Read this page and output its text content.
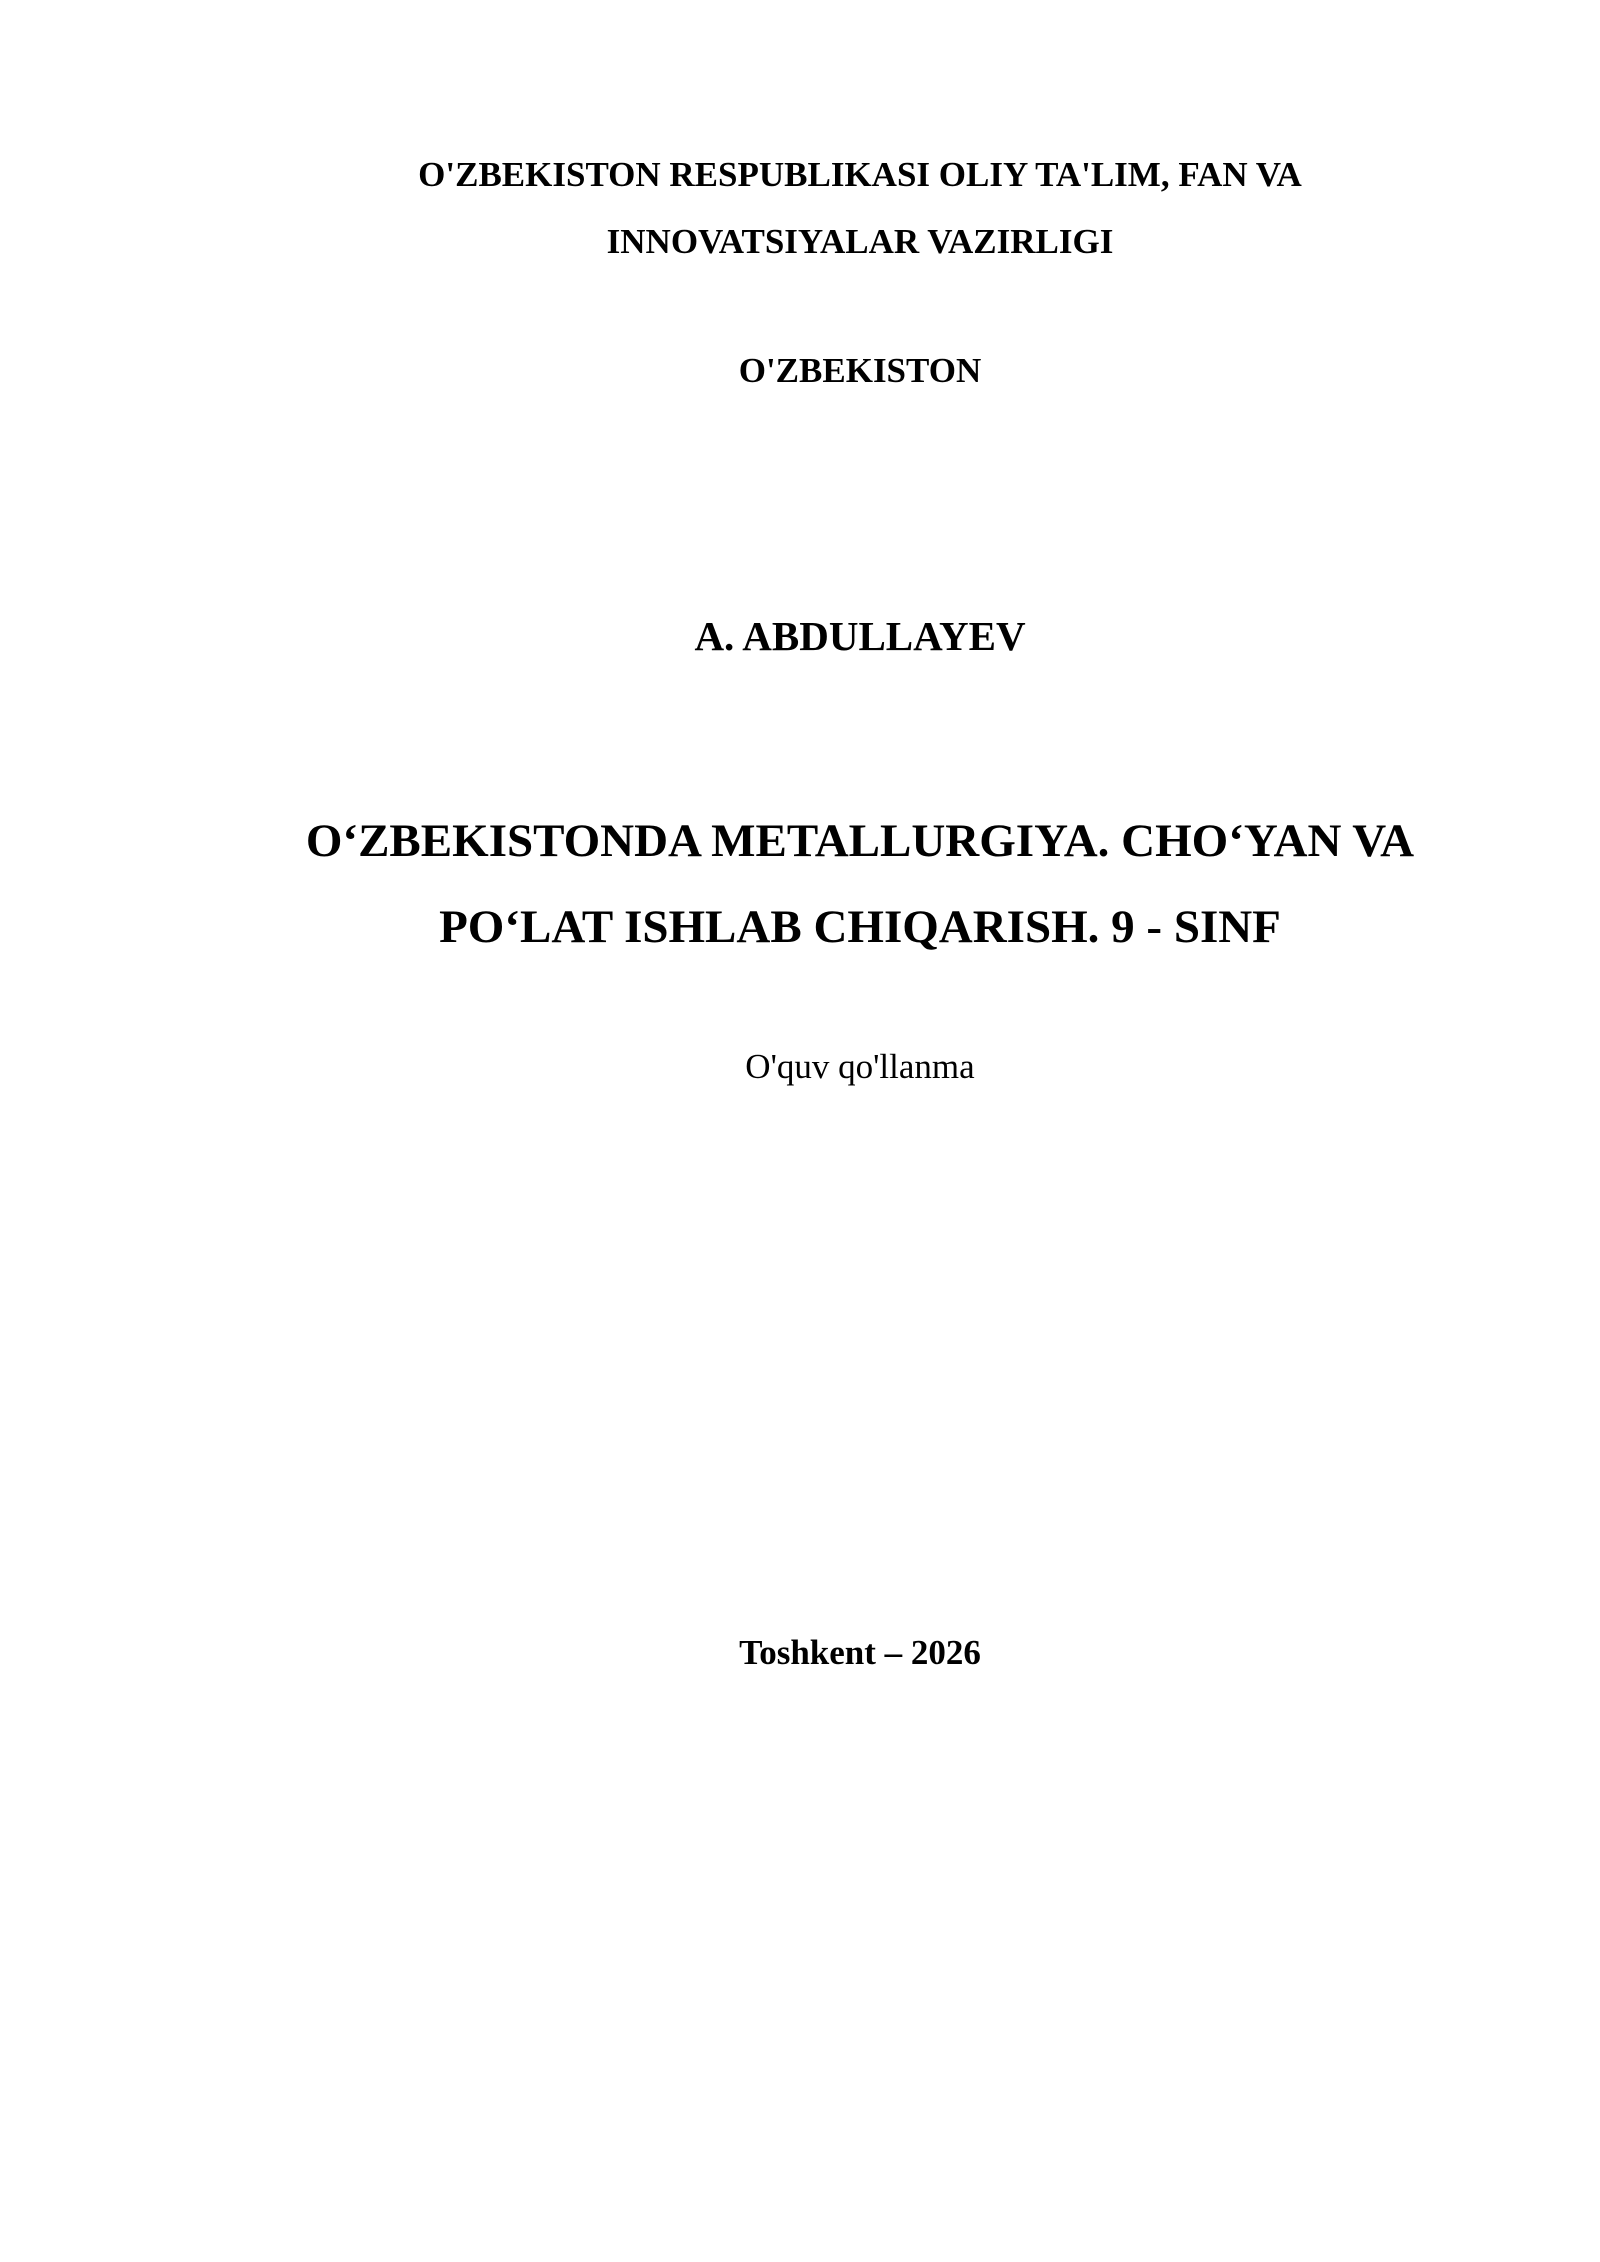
O'ZBEKISTON RESPUBLIKASI OLIY TA'LIM, FAN VA
INNOVATSIYALAR VAZIRLIGI
O'ZBEKISTON
A. ABDULLAYEV
O‘ZBEKISTONDA METALLURGIYA. CHO‘YAN VA
PO‘LAT ISHLAB CHIQARISH. 9 - SINF
O'quv qo'llanma
Toshkent – 2026
